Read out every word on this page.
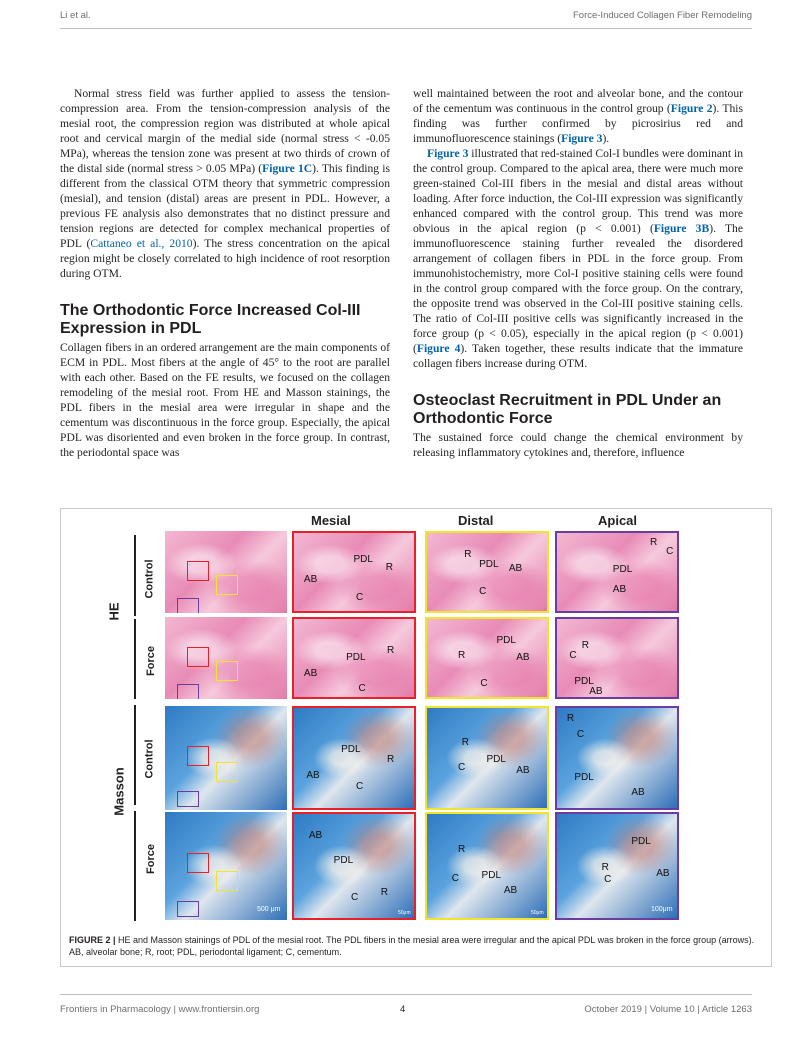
Li et al.	Force-Induced Collagen Fiber Remodeling

Normal stress field was further applied to assess the tension-compression area. From the tension-compression analysis of the mesial root, the compression region was distributed at whole apical root and cervical margin of the medial side (normal stress < -0.05 MPa), whereas the tension zone was present at two thirds of crown of the distal side (normal stress > 0.05 MPa) (Figure 1C). This finding is different from the classical OTM theory that symmetric compression (mesial), and tension (distal) areas are present in PDL. However, a previous FE analysis also demonstrates that no distinct pressure and tension regions are detected for complex mechanical properties of PDL (Cattaneo et al., 2010). The stress concentration on the apical region might be closely correlated to high incidence of root resorption during OTM.

The Orthodontic Force Increased Col-III Expression in PDL

Collagen fibers in an ordered arrangement are the main components of ECM in PDL. Most fibers at the angle of 45° to the root are parallel with each other. Based on the FE results, we focused on the collagen remodeling of the mesial root. From HE and Masson stainings, the PDL fibers in the mesial area were irregular in shape and the cementum was discontinuous in the force group. Especially, the apical PDL was disoriented and even broken in the force group. In contrast, the periodontal space was

well maintained between the root and alveolar bone, and the contour of the cementum was continuous in the control group (Figure 2). This finding was further confirmed by picrosirius red and immunofluorescence stainings (Figure 3).

Figure 3 illustrated that red-stained Col-I bundles were dominant in the control group. Compared to the apical area, there were much more green-stained Col-III fibers in the mesial and distal areas without loading. After force induction, the Col-III expression was significantly enhanced compared with the control group. This trend was more obvious in the apical region (p < 0.001) (Figure 3B). The immunofluorescence staining further revealed the disordered arrangement of collagen fibers in PDL in the force group. From immunohistochemistry, more Col-I positive staining cells were found in the control group compared with the force group. On the contrary, the opposite trend was observed in the Col-III positive staining cells. The ratio of Col-III positive cells was significantly increased in the force group (p < 0.05), especially in the apical region (p < 0.001) (Figure 4). Taken together, these results indicate that the immature collagen fibers increase during OTM.

Osteoclast Recruitment in PDL Under an Orthodontic Force

The sustained force could change the chemical environment by releasing inflammatory cytokines and, therefore, influence

Mesial	Distal	Apical
HE
Masson
Control
Force
Control
Force
PDL
R
AB
C
R
PDL AB
C
R
C
PDL
AB
PDL
R
AB
C
PDL
R	AB
C
C
R
PDL
AB
PDL
R
AB
C
R
PDL
C	AB
R
C
PDL
AB
500 μm
AB
PDL
C R
50μm
R
PDL
C
AB
50μm
PDL
R
C
AB
100μm
FIGURE 2 | HE and Masson stainings of PDL of the mesial root. The PDL fibers in the mesial area were irregular and the apical PDL was broken in the force group (arrows). AB, alveolar bone; R, root; PDL, periodontal ligament; C, cementum.
Frontiers in Pharmacology | www.frontiersin.org	4	October 2019 | Volume 10 | Article 1263
